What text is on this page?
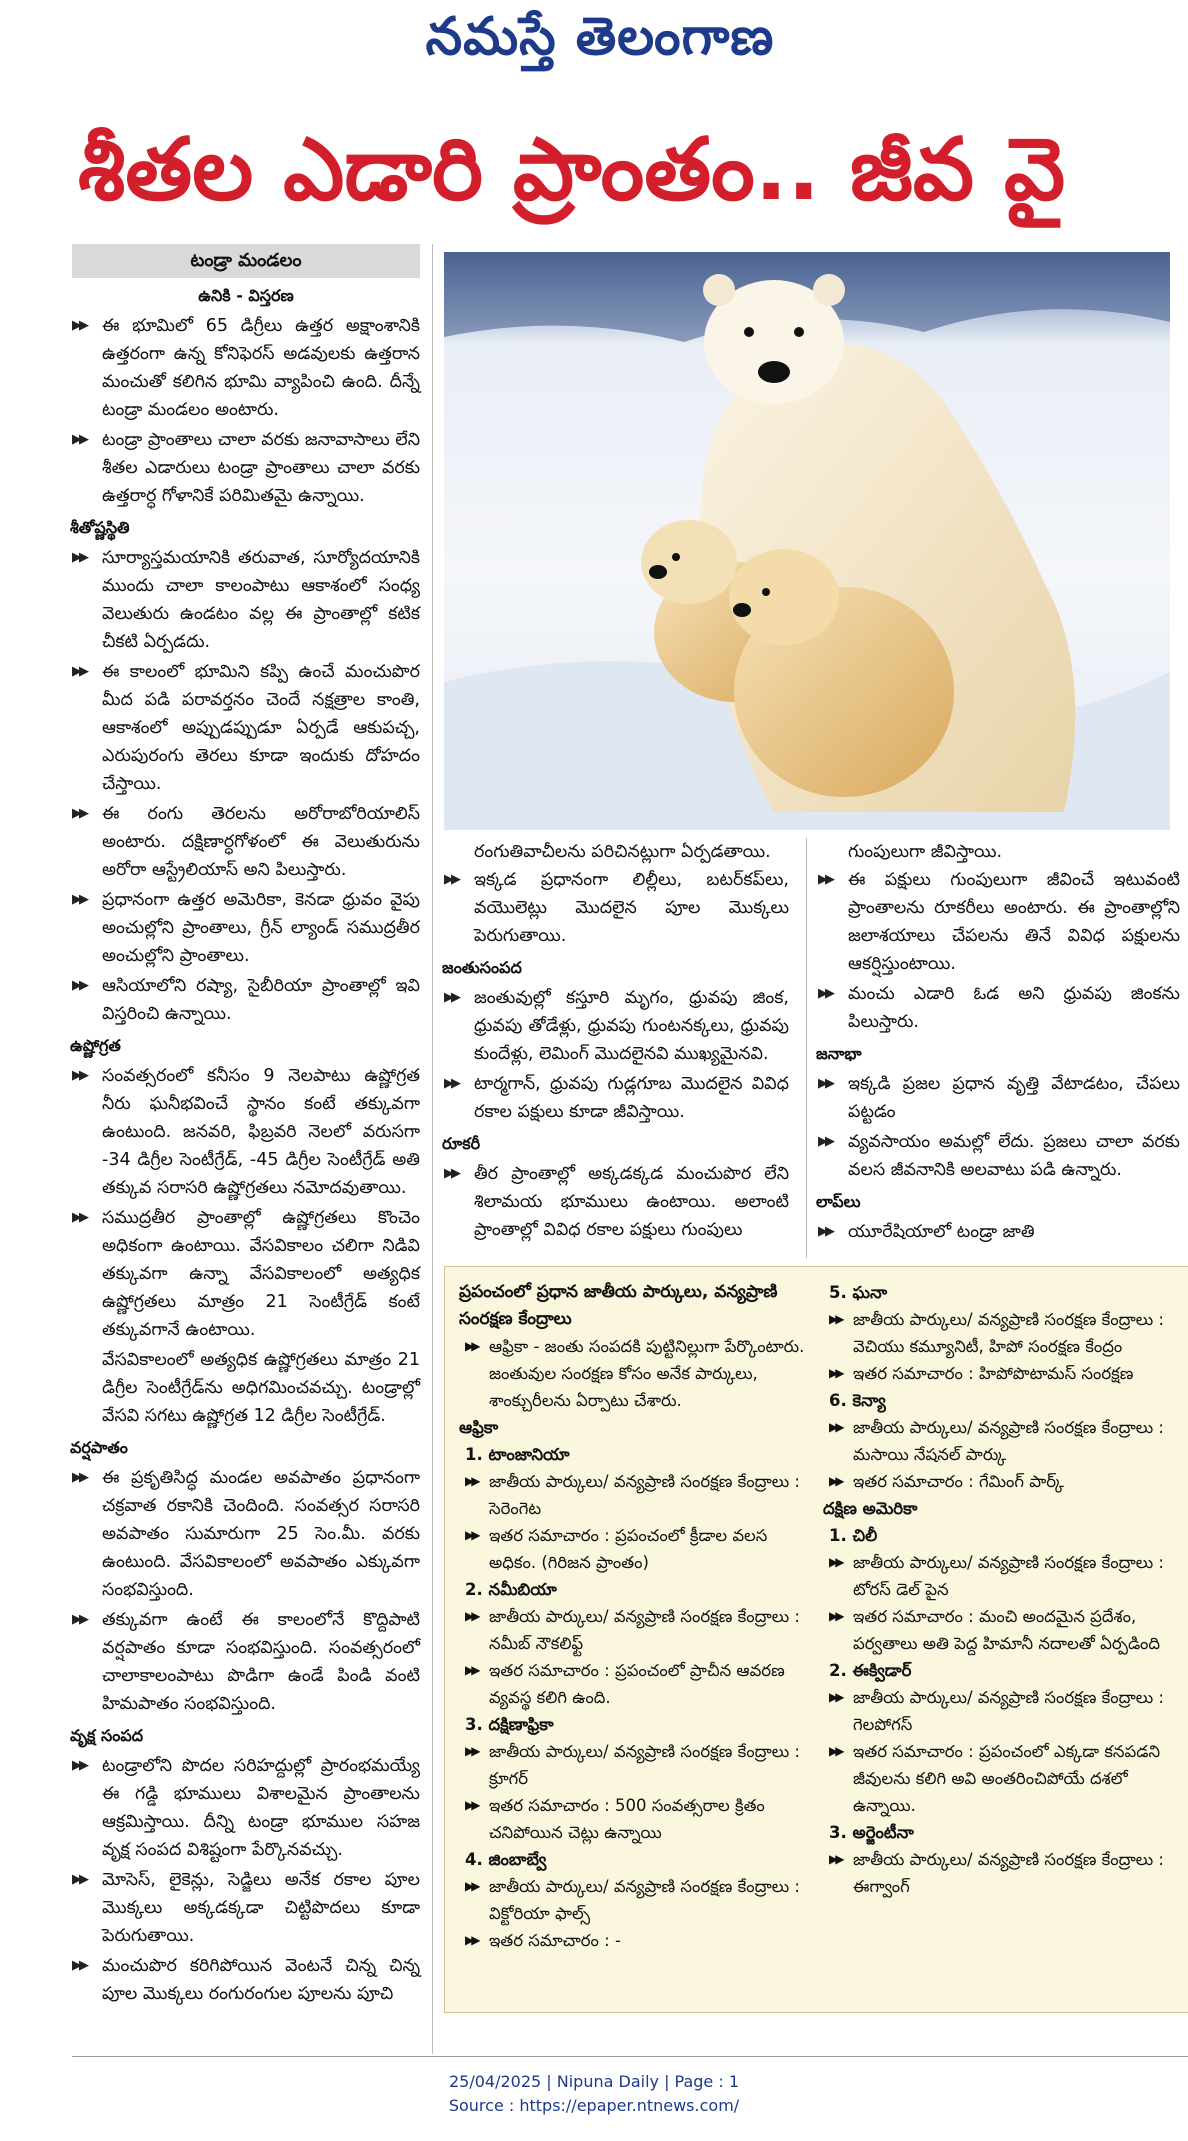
నమస్తే తెలంగాణ
శీతల ఎడారి ప్రాంతం.. జీవ వై
టండ్రా మండలం
ఉనికి - విస్తరణ
▶▶ ఈ భూమిలో 65 డిగ్రీలు ఉత్తర అక్షాంశానికి ఉత్తరంగా ఉన్న కోనిఫెరస్ అడవులకు ఉత్తరాన మంచుతో కలిగిన భూమి వ్యాపించి ఉంది. దీన్నే టండ్రా మండలం అంటారు.
▶▶ టండ్రా ప్రాంతాలు చాలా వరకు జనావాసాలు లేని శీతల ఎడారులు టండ్రా ప్రాంతాలు చాలా వరకు ఉత్తరార్ధ గోళానికే పరిమితమై ఉన్నాయి.
శీతోష్ణస్థితి
▶▶ సూర్యాస్తమయానికి తరువాత, సూర్యోదయానికి ముందు చాలా కాలంపాటు ఆకాశంలో సంధ్య వెలుతురు ఉండటం వల్ల ఈ ప్రాంతాల్లో కటిక చీకటి ఏర్పడదు.
▶▶ ఈ కాలంలో భూమిని కప్పి ఉంచే మంచుపొర మీద పడి పరావర్తనం చెందే నక్షత్రాల కాంతి, ఆకాశంలో అప్పుడప్పుడూ ఏర్పడే ఆకుపచ్చ, ఎరుపురంగు తెరలు కూడా ఇందుకు దోహదం చేస్తాయి.
▶▶ ఈ రంగు తెరలను అరోరాబోరియాలిస్ అంటారు. దక్షిణార్ధగోళంలో ఈ వెలుతురును అరోరా ఆస్ట్రేలియాస్ అని పిలుస్తారు.
▶▶ ప్రధానంగా ఉత్తర అమెరికా, కెనడా ధ్రువం వైపు అంచుల్లోని ప్రాంతాలు, గ్రీన్ ల్యాండ్ సముద్రతీర అంచుల్లోని ప్రాంతాలు.
▶▶ ఆసియాలోని రష్యా, సైబీరియా ప్రాంతాల్లో ఇవి విస్తరించి ఉన్నాయి.
ఉష్ణోగ్రత
▶▶ సంవత్సరంలో కనీసం 9 నెలపాటు ఉష్ణోగ్రత నీరు ఘనీభవించే స్థానం కంటే తక్కువగా ఉంటుంది. జనవరి, ఫిబ్రవరి నెలలో వరుసగా -34 డిగ్రీల సెంటీగ్రేడ్, -45 డిగ్రీల సెంటీగ్రేడ్ అతి తక్కువ సరాసరి ఉష్ణోగ్రతలు నమోదవుతాయి.
▶▶ సముద్రతీర ప్రాంతాల్లో ఉష్ణోగ్రతలు కొంచెం అధికంగా ఉంటాయి. వేసవికాలం చలిగా నిడివి తక్కువగా ఉన్నా వేసవికాలంలో అత్యధిక ఉష్ణోగ్రతలు మాత్రం 21 సెంటీగ్రేడ్ కంటే తక్కువగానే ఉంటాయి.
వేసవికాలంలో అత్యధిక ఉష్ణోగ్రతలు మాత్రం 21 డిగ్రీల సెంటీగ్రేడ్‌ను అధిగమించవచ్చు. టండ్రాల్లో వేసవి సగటు ఉష్ణోగ్రత 12 డిగ్రీల సెంటీగ్రేడ్.
వర్షపాతం
▶▶ ఈ ప్రకృతిసిద్ధ మండల అవపాతం ప్రధానంగా చక్రవాత రకానికి చెందింది. సంవత్సర సరాసరి అవపాతం సుమారుగా 25 సెం.మీ. వరకు ఉంటుంది. వేసవికాలంలో అవపాతం ఎక్కువగా సంభవిస్తుంది.
▶▶ తక్కువగా ఉంటే ఈ కాలంలోనే కొద్దిపాటి వర్షపాతం కూడా సంభవిస్తుంది. సంవత్సరంలో చాలాకాలంపాటు పొడిగా ఉండే పిండి వంటి హిమపాతం సంభవిస్తుంది.
వృక్ష సంపద
▶▶ టండ్రాలోని పొదల సరిహద్దుల్లో ప్రారంభమయ్యే ఈ గడ్డి భూములు విశాలమైన ప్రాంతాలను ఆక్రమిస్తాయి. దీన్ని టండ్రా భూముల సహజ వృక్ష సంపద విశిష్టంగా పేర్కొనవచ్చు.
▶▶ మోసెస్, లైకెన్లు, సెడ్జిలు అనేక రకాల పూల మొక్కలు అక్కడక్కడా చిట్టిపొదలు కూడా పెరుగుతాయి.
▶▶ మంచుపొర కరిగిపోయిన వెంటనే చిన్న చిన్న పూల మొక్కలు రంగురంగుల పూలను పూచి
రంగుతివాచీలను పరిచినట్లుగా ఏర్పడతాయి.
▶▶ ఇక్కడ ప్రధానంగా లిల్లీలు, బటర్‌కప్‌లు, వయొలెట్లు మొదలైన పూల మొక్కలు పెరుగుతాయి.
జంతుసంపద
▶▶ జంతువుల్లో కస్తూరి మృగం, ధ్రువపు జింక, ధ్రువపు తోడేళ్లు, ధ్రువపు గుంటనక్కలు, ధ్రువపు కుందేళ్లు, లెమింగ్ మొదలైనవి ముఖ్యమైనవి.
▶▶ టార్మగాన్, ధ్రువపు గుడ్లగూబ మొదలైన వివిధ రకాల పక్షులు కూడా జీవిస్తాయి.
రూకరీ
▶▶ తీర ప్రాంతాల్లో అక్కడక్కడ మంచుపొర లేని శిలామయ భూములు ఉంటాయి. అలాంటి ప్రాంతాల్లో వివిధ రకాల పక్షులు గుంపులు
గుంపులుగా జీవిస్తాయి.
▶▶ ఈ పక్షులు గుంపులుగా జీవించే ఇటువంటి ప్రాంతాలను రూకరీలు అంటారు. ఈ ప్రాంతాల్లోని జలాశయాలు చేపలను తినే వివిధ పక్షులను ఆకర్షిస్తుంటాయి.
▶▶ మంచు ఎడారి ఓడ అని ధ్రువపు జింకను పిలుస్తారు.
జనాభా
▶▶ ఇక్కడి ప్రజల ప్రధాన వృత్తి వేటాడటం, చేపలు పట్టడం
▶▶ వ్యవసాయం అమల్లో లేదు. ప్రజలు చాలా వరకు వలస జీవనానికి అలవాటు పడి ఉన్నారు.
లాప్‌లు
▶▶ యూరేషియాలో టండ్రా జాతి
ప్రపంచంలో ప్రధాన జాతీయ పార్కులు, వన్యప్రాణి సంరక్షణ కేంద్రాలు
▶▶ ఆఫ్రికా - జంతు సంపదకి పుట్టినిల్లుగా పేర్కొంటారు. జంతువుల సంరక్షణ కోసం అనేక పార్కులు, శాంక్చురీలను ఏర్పాటు చేశారు.
ఆఫ్రికా
1. టాంజానియా
▶▶ జాతీయ పార్కులు/ వన్యప్రాణి సంరక్షణ కేంద్రాలు : సెరెంగెట
▶▶ ఇతర సమాచారం : ప్రపంచంలో క్రీడాల వలస అధికం. (గిరిజన ప్రాంతం)
2. నమీబియా
▶▶ జాతీయ పార్కులు/ వన్యప్రాణి సంరక్షణ కేంద్రాలు : నమీబ్ నౌకలిఫ్ట్
▶▶ ఇతర సమాచారం : ప్రపంచంలో ప్రాచీన ఆవరణ వ్యవస్థ కలిగి ఉంది.
3. దక్షిణాఫ్రికా
▶▶ జాతీయ పార్కులు/ వన్యప్రాణి సంరక్షణ కేంద్రాలు : క్రూగర్
▶▶ ఇతర సమాచారం : 500 సంవత్సరాల క్రితం చనిపోయిన చెట్లు ఉన్నాయి
4. జింబాబ్వే
▶▶ జాతీయ పార్కులు/ వన్యప్రాణి సంరక్షణ కేంద్రాలు : విక్టోరియా ఫాల్స్
▶▶ ఇతర సమాచారం : -
5. ఘనా
▶▶ జాతీయ పార్కులు/ వన్యప్రాణి సంరక్షణ కేంద్రాలు : వెచియు కమ్యూనిటీ, హిపో సంరక్షణ కేంద్రం
▶▶ ఇతర సమాచారం : హిపోపొటామస్ సంరక్షణ
6. కెన్యా
▶▶ జాతీయ పార్కులు/ వన్యప్రాణి సంరక్షణ కేంద్రాలు : మసాయి నేషనల్ పార్కు
▶▶ ఇతర సమాచారం : గేమింగ్ పార్క్
దక్షిణ అమెరికా
1. చిలీ
▶▶ జాతీయ పార్కులు/ వన్యప్రాణి సంరక్షణ కేంద్రాలు : టోరస్ డెల్ పైన
▶▶ ఇతర సమాచారం : మంచి అందమైన ప్రదేశం, పర్వతాలు అతి పెద్ద హిమానీ నదాలతో ఏర్పడింది
2. ఈక్విడార్
▶▶ జాతీయ పార్కులు/ వన్యప్రాణి సంరక్షణ కేంద్రాలు : గెలపోగస్
▶▶ ఇతర సమాచారం : ప్రపంచంలో ఎక్కడా కనపడని జీవులను కలిగి అవి అంతరించిపోయే దశలో ఉన్నాయి.
3. అర్జెంటీనా
▶▶ జాతీయ పార్కులు/ వన్యప్రాణి సంరక్షణ కేంద్రాలు : ఈగ్వాంగ్
25/04/2025 | Nipuna Daily | Page : 1
Source : https://epaper.ntnews.com/
